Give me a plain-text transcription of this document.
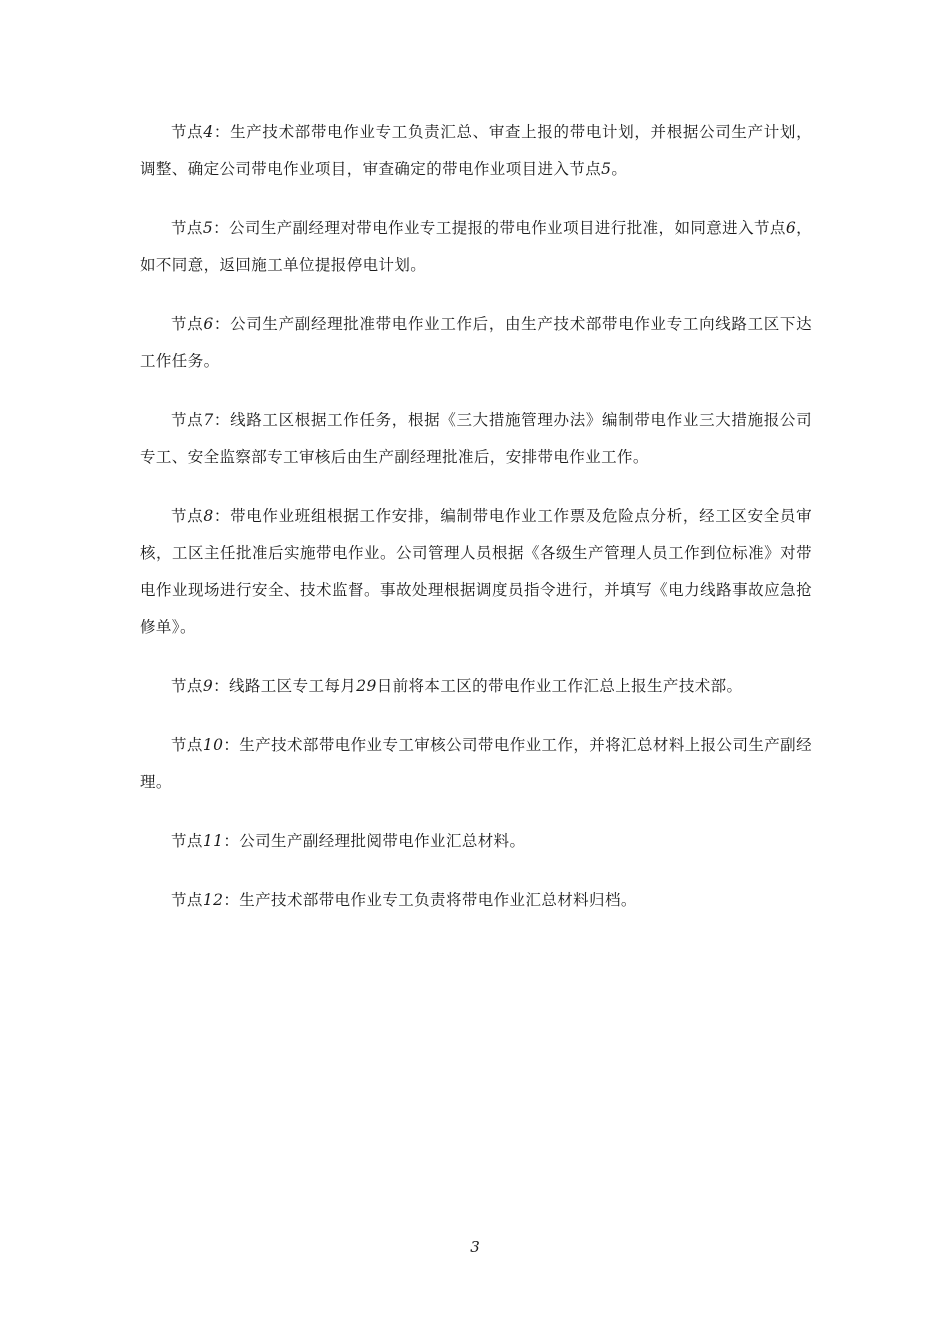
节点4：生产技术部带电作业专工负责汇总、审查上报的带电计划，并根据公司生产计划，调整、确定公司带电作业项目，审查确定的带电作业项目进入节点5。

节点5：公司生产副经理对带电作业专工提报的带电作业项目进行批准，如同意进入节点6，如不同意，返回施工单位提报停电计划。

节点6：公司生产副经理批准带电作业工作后，由生产技术部带电作业专工向线路工区下达工作任务。

节点7：线路工区根据工作任务，根据《三大措施管理办法》编制带电作业三大措施报公司专工、安全监察部专工审核后由生产副经理批准后，安排带电作业工作。

节点8：带电作业班组根据工作安排，编制带电作业工作票及危险点分析，经工区安全员审核，工区主任批准后实施带电作业。公司管理人员根据《各级生产管理人员工作到位标准》对带电作业现场进行安全、技术监督。事故处理根据调度员指令进行，并填写《电力线路事故应急抢修单》。

节点9：线路工区专工每月29日前将本工区的带电作业工作汇总上报生产技术部。

节点10：生产技术部带电作业专工审核公司带电作业工作，并将汇总材料上报公司生产副经理。

节点11：公司生产副经理批阅带电作业汇总材料。

节点12：生产技术部带电作业专工负责将带电作业汇总材料归档。

3
